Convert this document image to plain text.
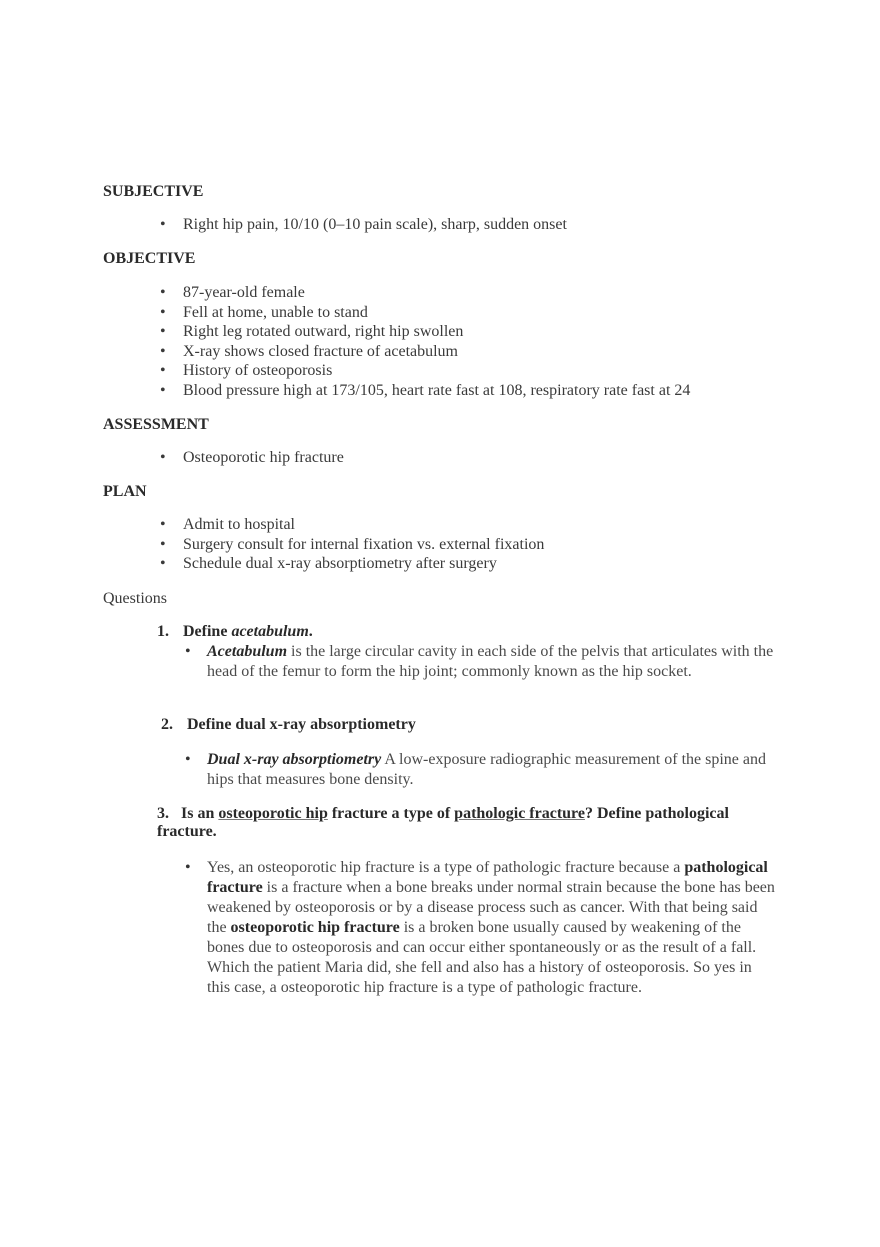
SUBJECTIVE
• Right hip pain, 10/10 (0–10 pain scale), sharp, sudden onset
OBJECTIVE
• 87-year-old female
• Fell at home, unable to stand
• Right leg rotated outward, right hip swollen
• X-ray shows closed fracture of acetabulum
• History of osteoporosis
• Blood pressure high at 173/105, heart rate fast at 108, respiratory rate fast at 24
ASSESSMENT
• Osteoporotic hip fracture
PLAN
• Admit to hospital
• Surgery consult for internal fixation vs. external fixation
• Schedule dual x-ray absorptiometry after surgery
Questions
1. Define acetabulum.
• Acetabulum is the large circular cavity in each side of the pelvis that articulates with the head of the femur to form the hip joint; commonly known as the hip socket.
2. Define dual x-ray absorptiometry
• Dual x-ray absorptiometry A low-exposure radiographic measurement of the spine and hips that measures bone density.
3. Is an osteoporotic hip fracture a type of pathologic fracture? Define pathological fracture.
• Yes, an osteoporotic hip fracture is a type of pathologic fracture because a pathological fracture is a fracture when a bone breaks under normal strain because the bone has been weakened by osteoporosis or by a disease process such as cancer. With that being said the osteoporotic hip fracture is a broken bone usually caused by weakening of the bones due to osteoporosis and can occur either spontaneously or as the result of a fall. Which the patient Maria did, she fell and also has a history of osteoporosis. So yes in this case, a osteoporotic hip fracture is a type of pathologic fracture.
